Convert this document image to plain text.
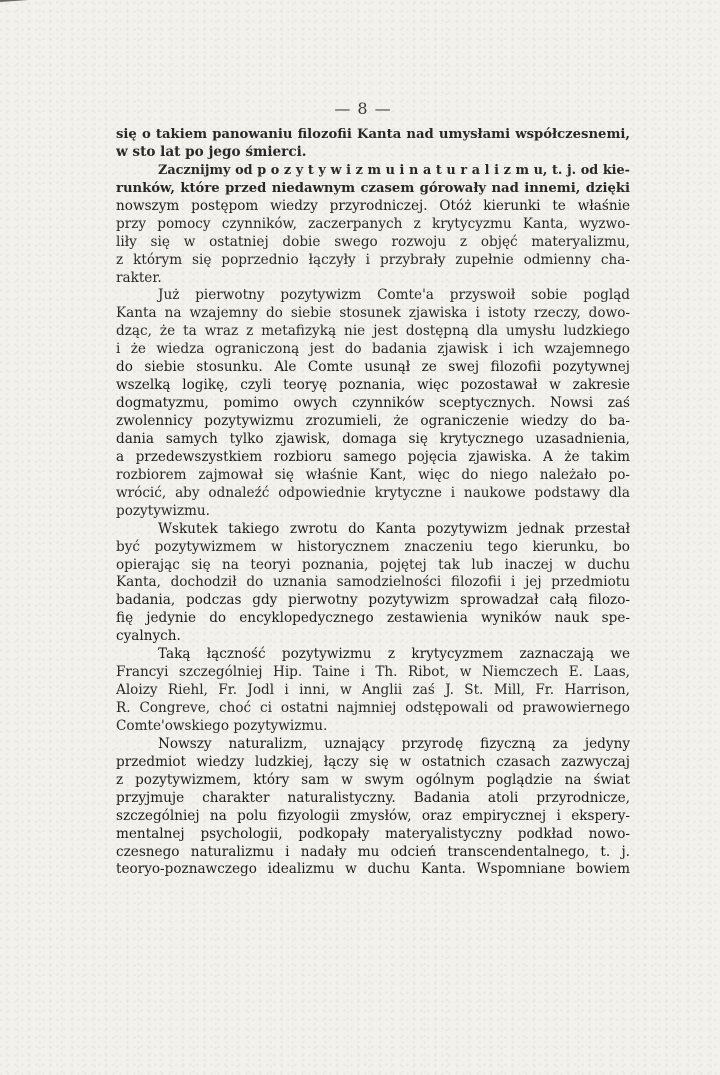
— 8 —
się o takiem panowaniu filozofii Kanta nad umysłami współczesnemi,
w sto lat po jego śmierci.
Zacznijmy od p o z y t y w i z m u i n a t u r a l i z m u, t. j. od kie-
runków, które przed niedawnym czasem górowały nad innemi, dzięki
nowszym postępom wiedzy przyrodniczej. Otóż kierunki te właśnie
przy pomocy czynników, zaczerpanych z krytycyzmu Kanta, wyzwo-
liły się w ostatniej dobie swego rozwoju z objęć materyalizmu,
z którym się poprzednio łączyły i przybrały zupełnie odmienny cha-
rakter.
Już pierwotny pozytywizm Comte'a przyswoił sobie pogląd
Kanta na wzajemny do siebie stosunek zjawiska i istoty rzeczy, dowo-
dząc, że ta wraz z metafizyką nie jest dostępną dla umysłu ludzkiego
i że wiedza ograniczoną jest do badania zjawisk i ich wzajemnego
do siebie stosunku. Ale Comte usunął ze swej filozofii pozytywnej
wszelką logikę, czyli teoryę poznania, więc pozostawał w zakresie
dogmatyzmu, pomimo owych czynników sceptycznych. Nowsi zaś
zwolennicy pozytywizmu zrozumieli, że ograniczenie wiedzy do ba-
dania samych tylko zjawisk, domaga się krytycznego uzasadnienia,
a przedewszystkiem rozbioru samego pojęcia zjawiska. A że takim
rozbiorem zajmował się właśnie Kant, więc do niego należało po-
wrócić, aby odnaleźć odpowiednie krytyczne i naukowe podstawy dla
pozytywizmu.
Wskutek takiego zwrotu do Kanta pozytywizm jednak przestał
być pozytywizmem w historycznem znaczeniu tego kierunku, bo
opierając się na teoryi poznania, pojętej tak lub inaczej w duchu
Kanta, dochodził do uznania samodzielności filozofii i jej przedmiotu
badania, podczas gdy pierwotny pozytywizm sprowadzał całą filozo-
fię jedynie do encyklopedycznego zestawienia wyników nauk spe-
cyalnych.
Taką łączność pozytywizmu z krytycyzmem zaznaczają we
Francyi szczególniej Hip. Taine i Th. Ribot, w Niemczech E. Laas,
Aloizy Riehl, Fr. Jodl i inni, w Anglii zaś J. St. Mill, Fr. Harrison,
R. Congreve, choć ci ostatni najmniej odstępowali od prawowiernego
Comte'owskiego pozytywizmu.
Nowszy naturalizm, uznający przyrodę fizyczną za jedyny
przedmiot wiedzy ludzkiej, łączy się w ostatnich czasach zazwyczaj
z pozytywizmem, który sam w swym ogólnym poglądzie na świat
przyjmuje charakter naturalistyczny. Badania atoli przyrodnicze,
szczególniej na polu fizyologii zmysłów, oraz empirycznej i ekspery-
mentalnej psychologii, podkopały materyalistyczny podkład nowo-
czesnego naturalizmu i nadały mu odcień transcendentalnego, t. j.
teoryo-poznawczego idealizmu w duchu Kanta. Wspomniane bowiem
